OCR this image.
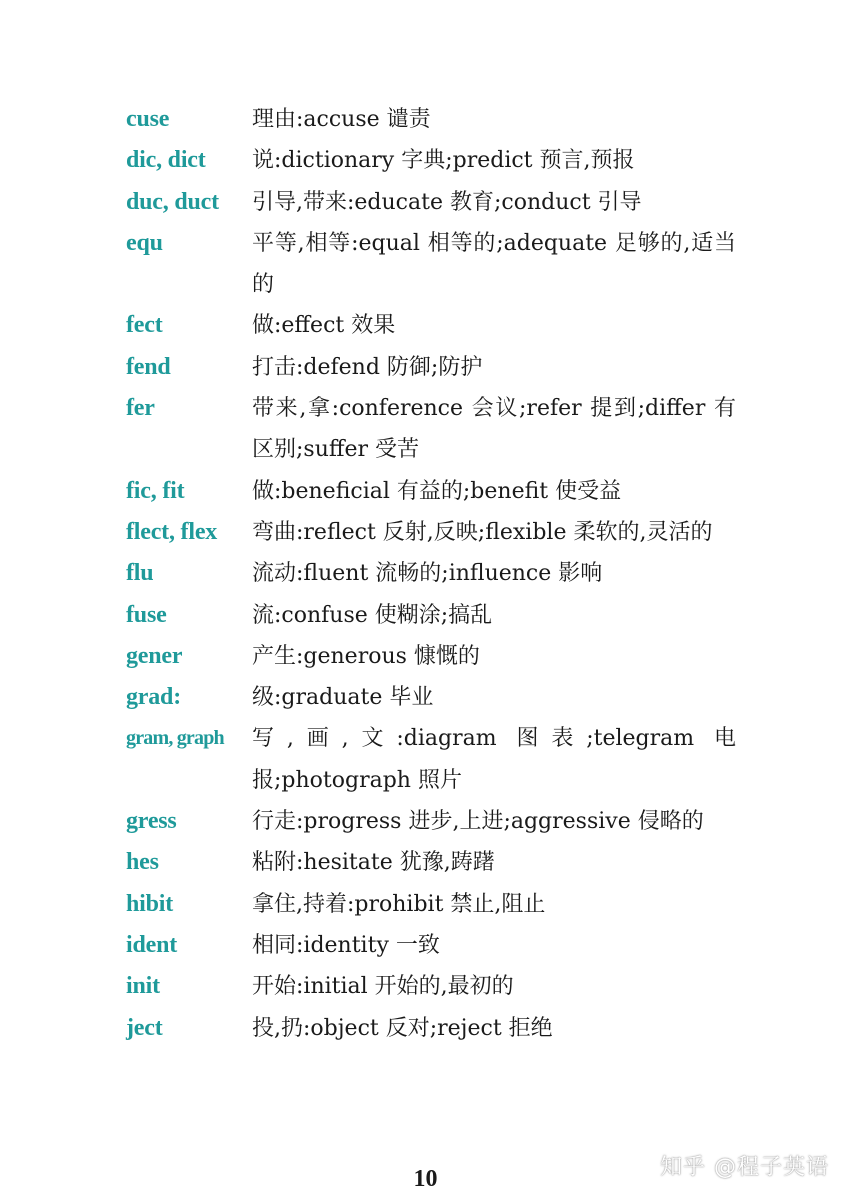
cuse	理由:accuse 谴责
dic, dict	说:dictionary 字典;predict 预言,预报
duc, duct	引导,带来:educate 教育;conduct 引导
equ	平等,相等:equal 相等的;adequate 足够的,适当的
fect	做:effect 效果
fend	打击:defend 防御;防护
fer	带来,拿:conference 会议;refer 提到;differ 有区别;suffer 受苦
fic, fit	做:beneficial 有益的;benefit 使受益
flect, flex	弯曲:reflect 反射,反映;flexible 柔软的,灵活的
flu	流动:fluent 流畅的;influence 影响
fuse	流:confuse 使糊涂;搞乱
gener	产生:generous 慷慨的
grad:	级:graduate 毕业
gram, graph	写,画,文:diagram 图表;telegram 电报;photograph 照片
gress	行走:progress 进步,上进;aggressive 侵略的
hes	粘附:hesitate 犹豫,踌躇
hibit	拿住,持着:prohibit 禁止,阻止
ident	相同:identity 一致
init	开始:initial 开始的,最初的
ject	投,扔:object 反对;reject 拒绝
知乎 @程子英语
10
